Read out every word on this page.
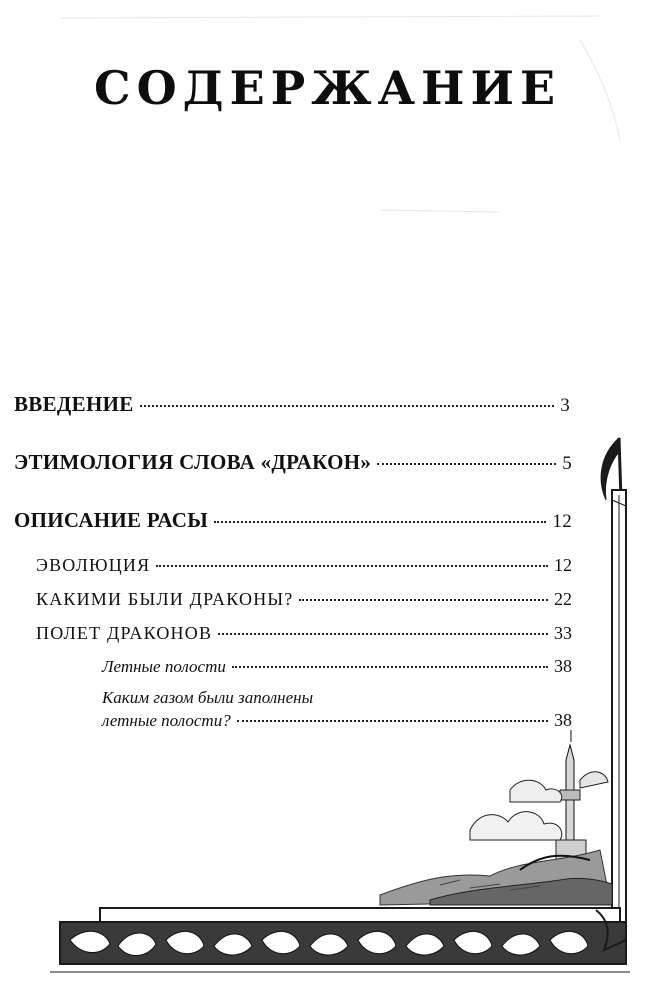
СОДЕРЖАНИЕ
ВВЕДЕНИЕ	3
ЭТИМОЛОГИЯ СЛОВА «ДРАКОН»	5
ОПИСАНИЕ РАСЫ	12
ЭВОЛЮЦИЯ	12
КАКИМИ БЫЛИ ДРАКОНЫ?	22
ПОЛЕТ ДРАКОНОВ	33
Летные полости	38
Каким газом были заполнены
летные полости?	38
